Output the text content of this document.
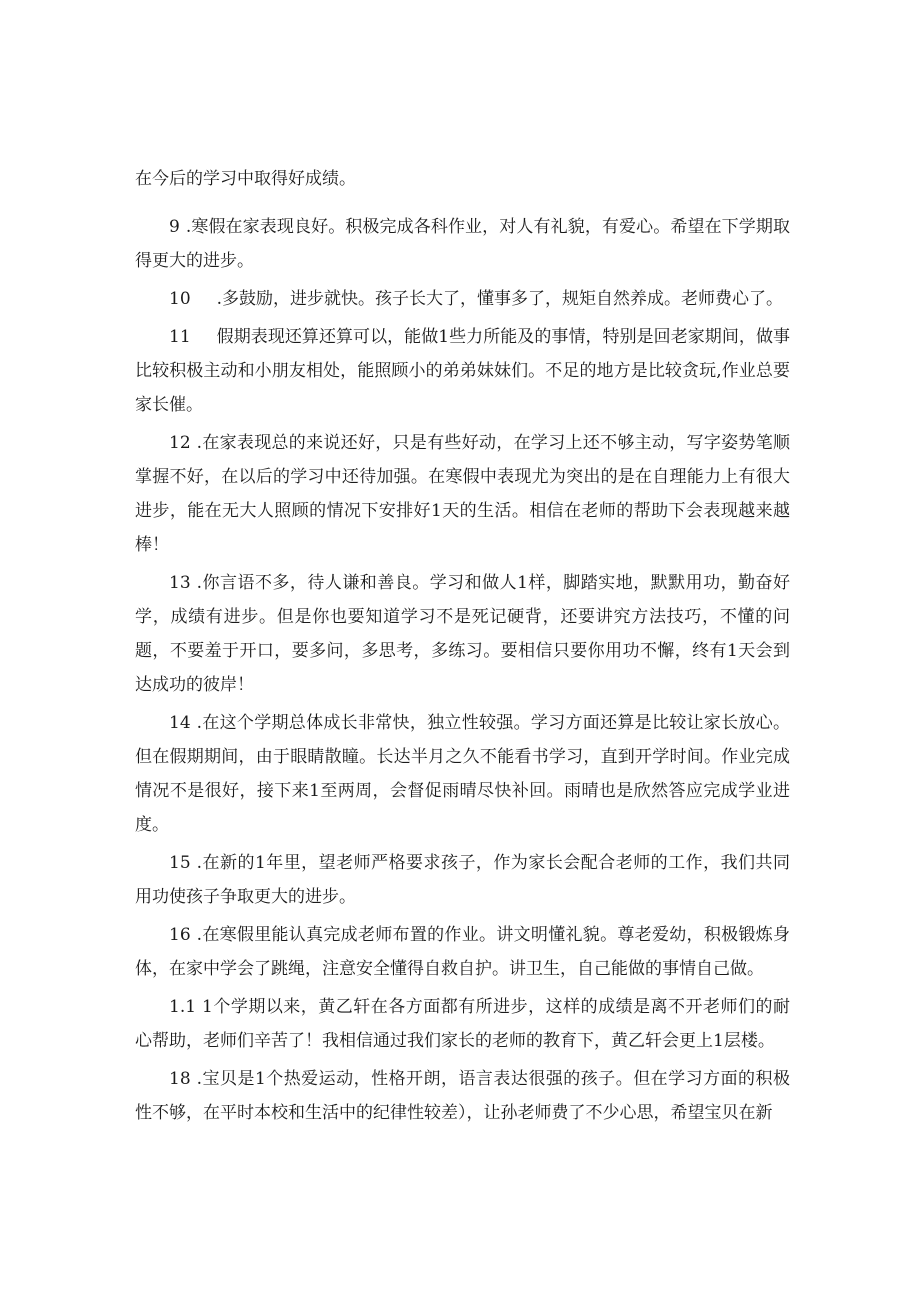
在今后的学习中取得好成绩。

9 .寒假在家表现良好。积极完成各科作业，对人有礼貌，有爱心。希望在下学期取得更大的进步。

10 .多鼓励，进步就快。孩子长大了，懂事多了，规矩自然养成。老师费心了。

11 假期表现还算还算可以，能做1些力所能及的事情，特别是回老家期间，做事比较积极主动和小朋友相处，能照顾小的弟弟妹妹们。不足的地方是比较贪玩,作业总要家长催。

12 .在家表现总的来说还好，只是有些好动，在学习上还不够主动，写字姿势笔顺掌握不好，在以后的学习中还待加强。在寒假中表现尤为突出的是在自理能力上有很大进步，能在无大人照顾的情况下安排好1天的生活。相信在老师的帮助下会表现越来越棒！

13 .你言语不多，待人谦和善良。学习和做人1样，脚踏实地，默默用功，勤奋好学，成绩有进步。但是你也要知道学习不是死记硬背，还要讲究方法技巧，不懂的问题，不要羞于开口，要多问，多思考，多练习。要相信只要你用功不懈，终有1天会到达成功的彼岸！

14 .在这个学期总体成长非常快，独立性较强。学习方面还算是比较让家长放心。但在假期期间，由于眼睛散瞳。长达半月之久不能看书学习，直到开学时间。作业完成情况不是很好，接下来1至两周，会督促雨晴尽快补回。雨晴也是欣然答应完成学业进度。

15 .在新的1年里，望老师严格要求孩子，作为家长会配合老师的工作，我们共同用功使孩子争取更大的进步。

16 .在寒假里能认真完成老师布置的作业。讲文明懂礼貌。尊老爱幼，积极锻炼身体，在家中学会了跳绳，注意安全懂得自救自护。讲卫生，自己能做的事情自己做。

1.1 1个学期以来，黄乙轩在各方面都有所进步，这样的成绩是离不开老师们的耐心帮助，老师们辛苦了！我相信通过我们家长的老师的教育下，黄乙轩会更上1层楼。

18 .宝贝是1个热爱运动，性格开朗，语言表达很强的孩子。但在学习方面的积极性不够，在平时本校和生活中的纪律性较差），让孙老师费了不少心思，希望宝贝在新
